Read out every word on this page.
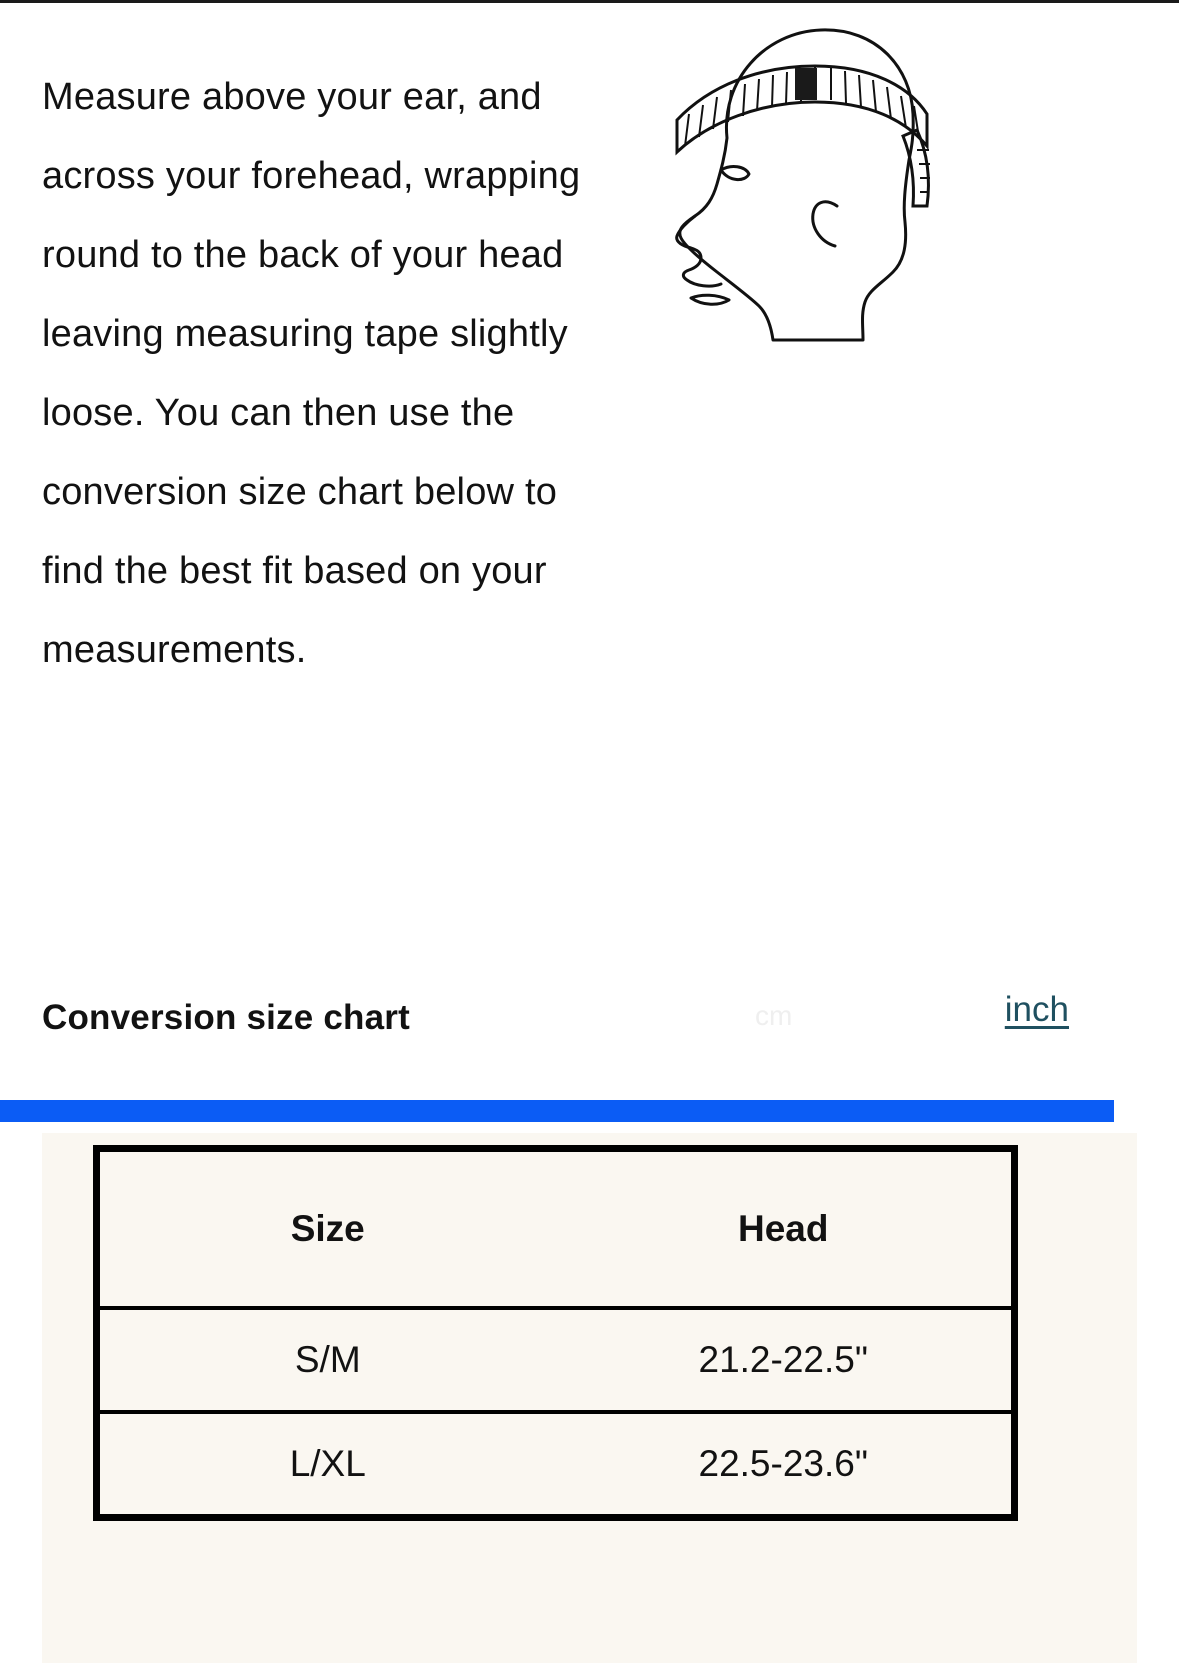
Measure above your ear, and across your forehead, wrapping round to the back of your head leaving measuring tape slightly loose. You can then use the conversion size chart below to find the best fit based on your measurements.

Conversion size chart	cm	inch
Size	Head
S/M	21.2-22.5"
L/XL	22.5-23.6"
